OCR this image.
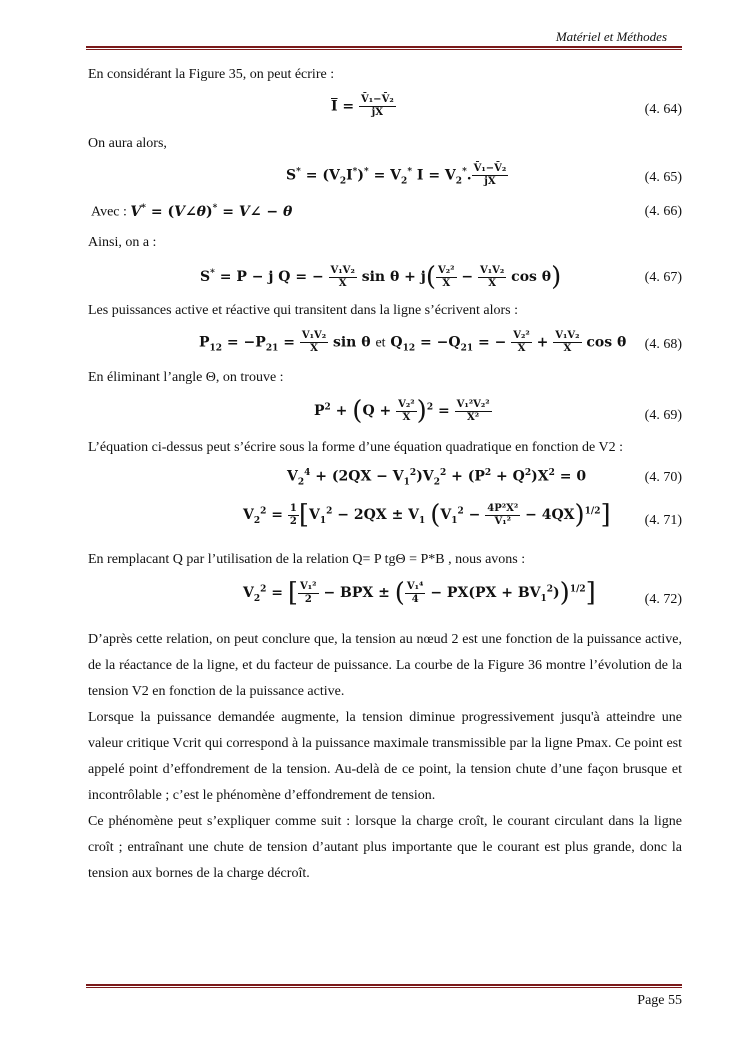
Matériel et Méthodes
En considérant la Figure 35, on peut écrire :
$\overline{I} = \frac{\text{V̄₁−V̄₂}}{jX}$	(4. 64)
On aura alors,
$S^* = (V_2I^*)^* = V_2^*$ $I = V_2^*$. $\frac{\text{V̄₁−V̄₂}}{jX}$	(4. 65)
Avec : V* = (V∠θ)* = V∠ − θ	(4. 66)
Ainsi, on a :
S* = P − j Q = − $\frac{\text{V₁V₂}}{X}$ $\sin \theta + j( \frac{\text{V₂²}}{X} - \frac{\text{V₁V₂}}{X}$ cos θ)	(4. 67)
Les puissances active et réactive qui transitent dans la ligne s’écrivent alors :
$P_{12} = -P_{21} = \frac{\text{V₁V₂}}{X}$ sin θ et $Q_{12} = -Q_{21}$ = − $\frac{\text{V₂²}}{X} + \frac{\text{V₁V₂}}{X}$ cos θ (4. 68)
En éliminant l’angle Θ, on trouve :
$P^2 + (Q + \frac{\text{V₂²}}{X} )^2 = \frac{\text{V₁²V₂²}}{\text{X²}}$	(4. 69)
L’équation ci-dessus peut s’écrire sous la forme d’une équation quadratique en fonction de V2 :
$V_2^4 + (2QX - V_1^2)V_2^2 + (P^2 + Q^2)X^2 = 0$	(4. 70)
$V_2^2 = \frac{1}{2} [V_1^2 - 2QX \pm V_1$ $(V_1^2 - \frac{\text{4P²X²}}{\text{V₁²}} - 4QX)^{1/2}$] (4. 71)
En remplacant Q par l’utilisation de la relation Q= P tgΘ = P*B , nous avons :
$V_2^2$ = [ $\frac{\text{V₁²}}{2}$ − BPX ± ( $\frac{\text{V₁⁴}}{4} - PX(PX + BV_1^2))^{1/2}$]	(4. 72)
D’après cette relation, on peut conclure que, la tension au nœud 2 est une fonction de la puissance active, de la réactance de la ligne, et du facteur de puissance. La courbe de la Figure 36 montre l’évolution de la tension V2 en fonction de la puissance active.
Lorsque la puissance demandée augmente, la tension diminue progressivement jusqu'à atteindre une valeur critique Vcrit qui correspond à la puissance maximale transmissible par la ligne Pmax. Ce point est appelé point d’effondrement de la tension. Au-delà de ce point, la tension chute d’une façon brusque et incontrôlable ; c’est le phénomène d’effondrement de tension.
Ce phénomène peut s’expliquer comme suit : lorsque la charge croît, le courant circulant dans la ligne croît ; entraînant une chute de tension d’autant plus importante que le courant est plus grande, donc la tension aux bornes de la charge décroît.
Page 55
